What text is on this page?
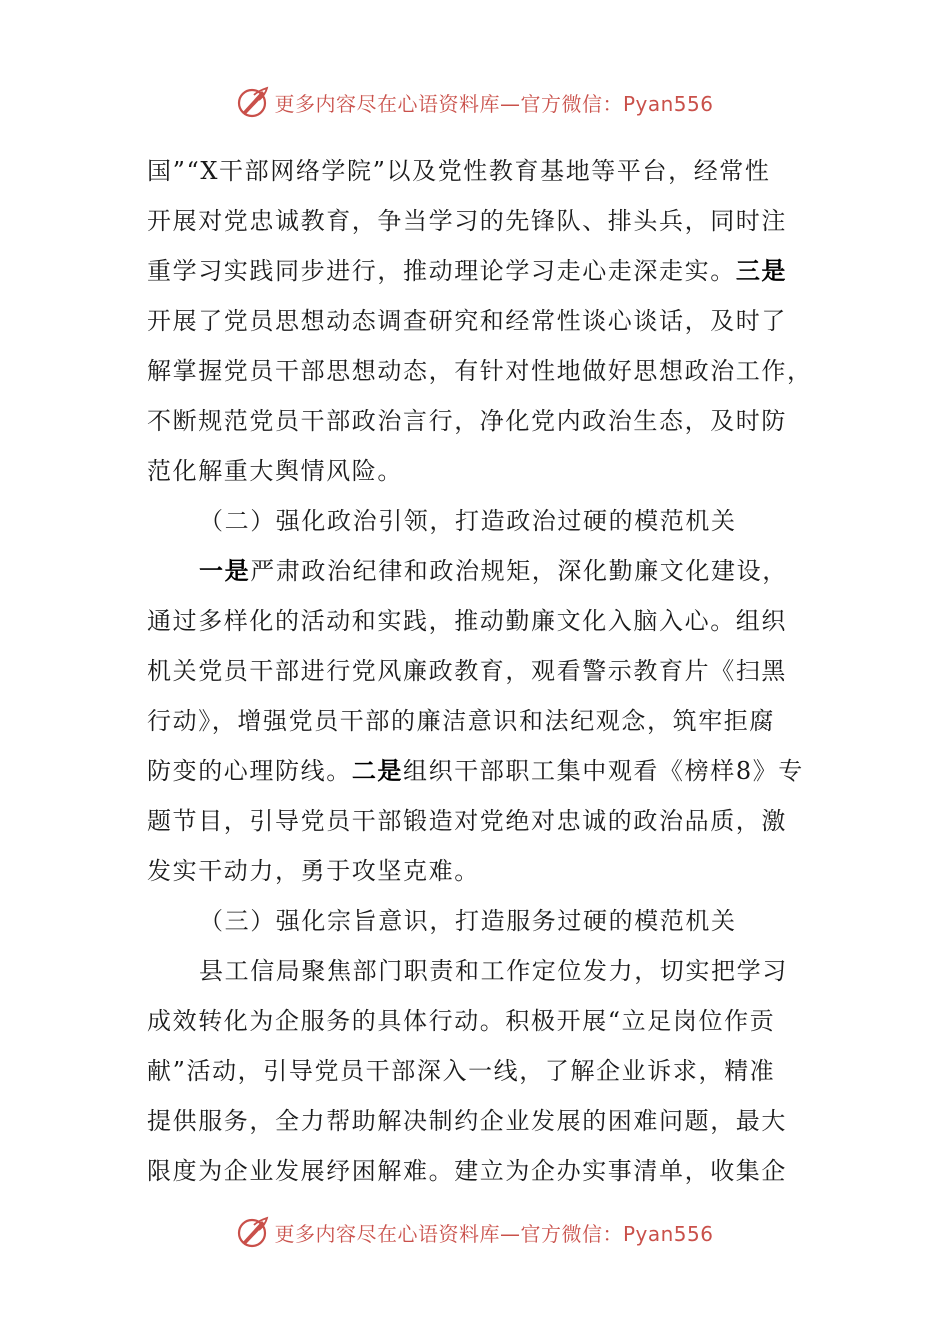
更多内容尽在心语资料库—官方微信：Pyan556
国”“X干部网络学院”以及党性教育基地等平台，经常性
开展对党忠诚教育，争当学习的先锋队、排头兵，同时注
重学习实践同步进行，推动理论学习走心走深走实。三是
开展了党员思想动态调查研究和经常性谈心谈话，及时了
解掌握党员干部思想动态，有针对性地做好思想政治工作，
不断规范党员干部政治言行，净化党内政治生态，及时防
范化解重大舆情风险。
（二）强化政治引领，打造政治过硬的模范机关
一是严肃政治纪律和政治规矩，深化勤廉文化建设，
通过多样化的活动和实践，推动勤廉文化入脑入心。组织
机关党员干部进行党风廉政教育，观看警示教育片《扫黑
行动》，增强党员干部的廉洁意识和法纪观念，筑牢拒腐
防变的心理防线。二是组织干部职工集中观看《榜样8》专
题节目，引导党员干部锻造对党绝对忠诚的政治品质，激
发实干动力，勇于攻坚克难。
（三）强化宗旨意识，打造服务过硬的模范机关
县工信局聚焦部门职责和工作定位发力，切实把学习
成效转化为企服务的具体行动。积极开展“立足岗位作贡
献”活动，引导党员干部深入一线，了解企业诉求，精准
提供服务，全力帮助解决制约企业发展的困难问题，最大
限度为企业发展纾困解难。建立为企办实事清单，收集企
更多内容尽在心语资料库—官方微信：Pyan556
